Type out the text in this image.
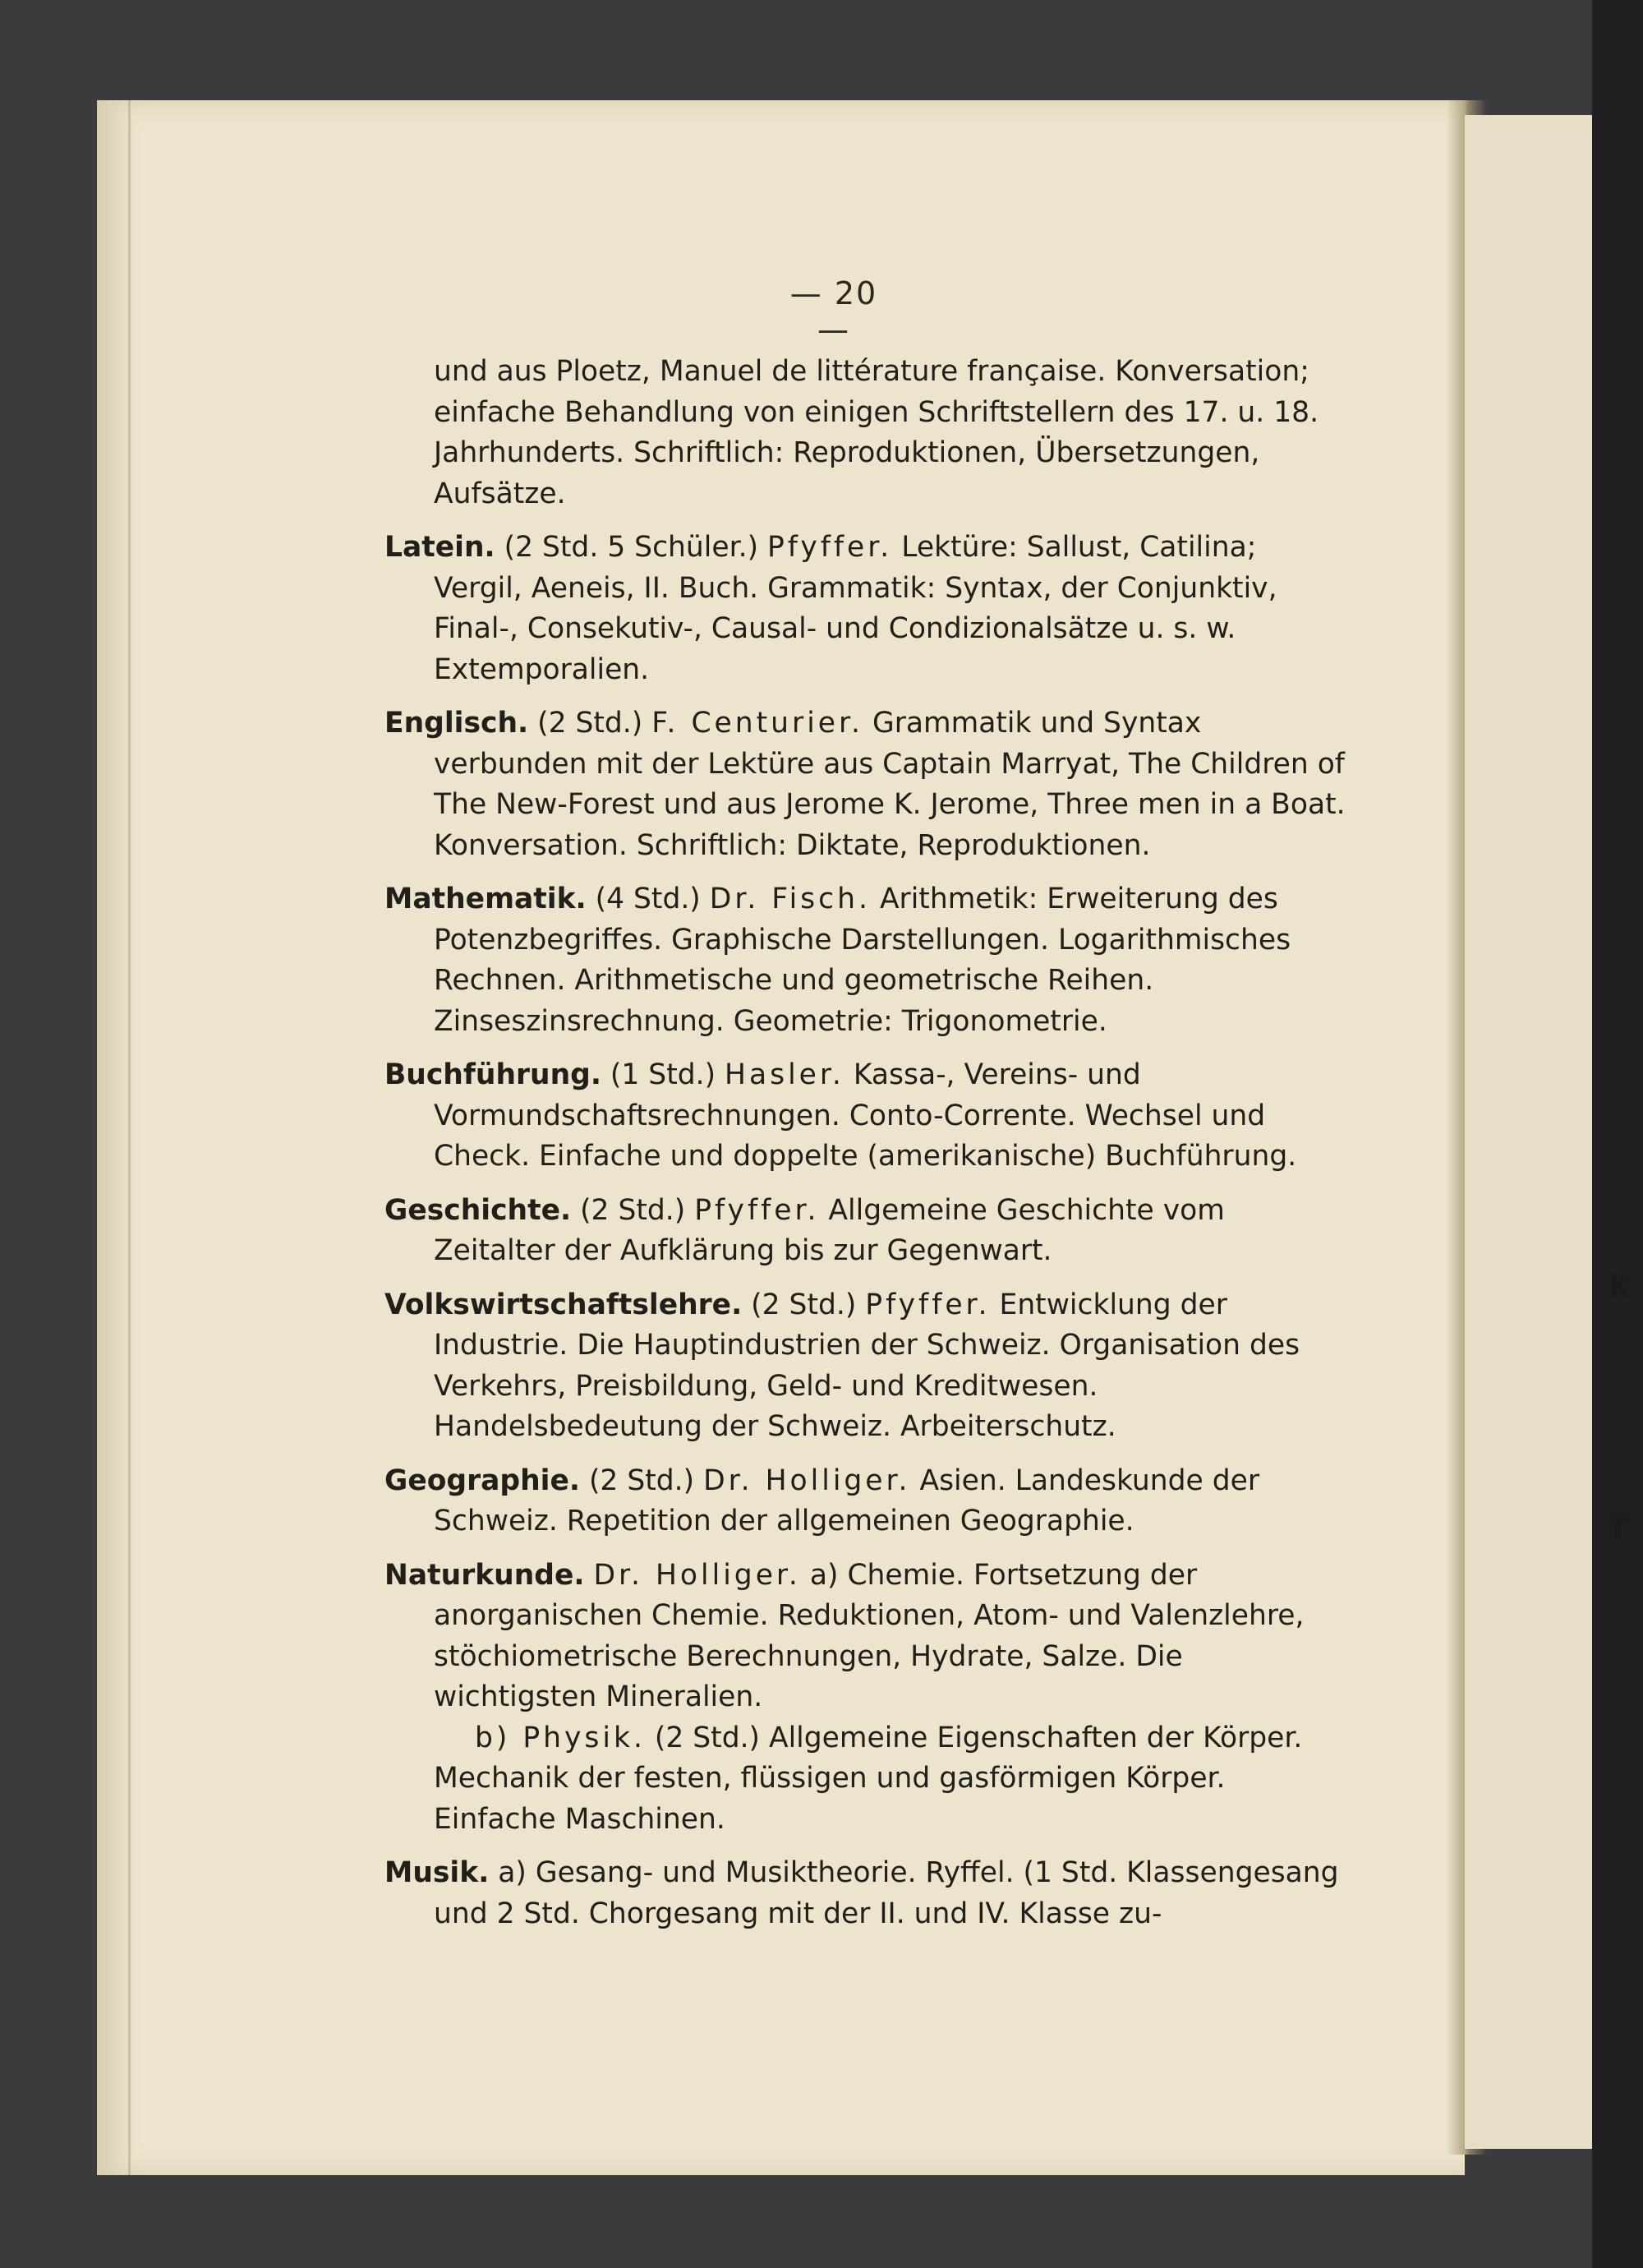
K
T
— 20 —

und aus Ploetz, Manuel de littérature française. Konversation; einfache Behandlung von einigen Schriftstellern des 17. u. 18. Jahrhunderts. Schriftlich: Reproduktionen, Übersetzungen, Aufsätze.

Latein. (2 Std. 5 Schüler.) Pfyffer. Lektüre: Sallust, Catilina; Vergil, Aeneis, II. Buch. Grammatik: Syntax, der Conjunktiv, Final-, Consekutiv-, Causal- und Condizionalsätze u. s. w. Extemporalien.

Englisch. (2 Std.) F. Centurier. Grammatik und Syntax verbunden mit der Lektüre aus Captain Marryat, The Children of The New-Forest und aus Jerome K. Jerome, Three men in a Boat. Konversation. Schriftlich: Diktate, Reproduktionen.

Mathematik. (4 Std.) Dr. Fisch. Arithmetik: Erweiterung des Potenzbegriffes. Graphische Darstellungen. Logarithmisches Rechnen. Arithmetische und geometrische Reihen. Zinseszinsrechnung. Geometrie: Trigonometrie.

Buchführung. (1 Std.) Hasler. Kassa-, Vereins- und Vormundschaftsrechnungen. Conto-Corrente. Wechsel und Check. Einfache und doppelte (amerikanische) Buchführung.

Geschichte. (2 Std.) Pfyffer. Allgemeine Geschichte vom Zeitalter der Aufklärung bis zur Gegenwart.

Volkswirtschaftslehre. (2 Std.) Pfyffer. Entwicklung der Industrie. Die Hauptindustrien der Schweiz. Organisation des Verkehrs, Preisbildung, Geld- und Kreditwesen. Handelsbedeutung der Schweiz. Arbeiterschutz.

Geographie. (2 Std.) Dr. Holliger. Asien. Landeskunde der Schweiz. Repetition der allgemeinen Geographie.

Naturkunde. Dr. Holliger. a) Chemie. Fortsetzung der anorganischen Chemie. Reduktionen, Atom- und Valenzlehre, stöchiometrische Berechnungen, Hydrate, Salze. Die wichtigsten Mineralien.

b) Physik. (2 Std.) Allgemeine Eigenschaften der Körper. Mechanik der festen, flüssigen und gasförmigen Körper. Einfache Maschinen.

Musik. a) Gesang- und Musiktheorie. Ryffel. (1 Std. Klassengesang und 2 Std. Chorgesang mit der II. und IV. Klasse zu-
